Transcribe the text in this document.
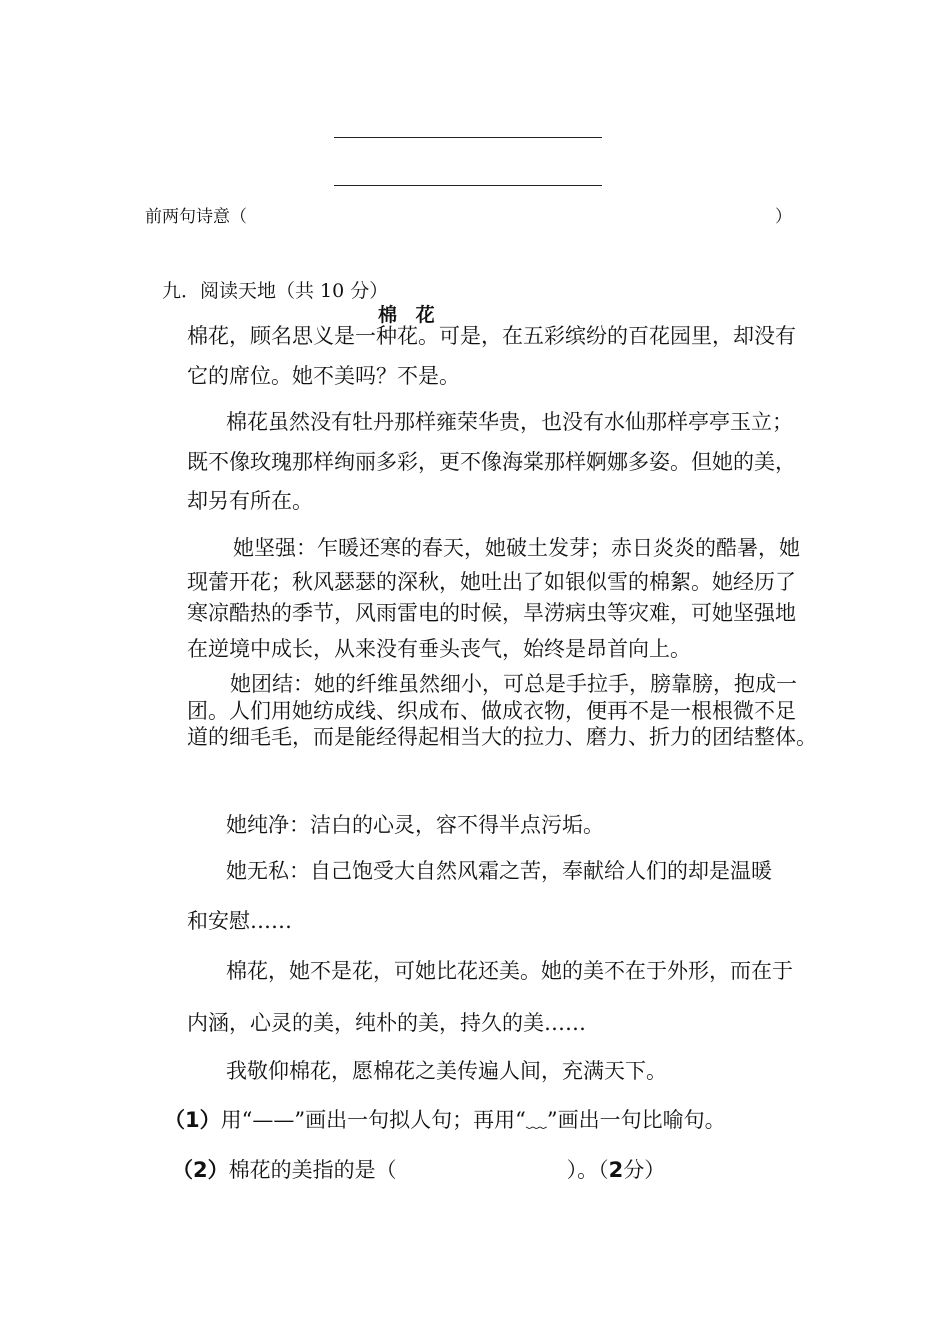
前两句诗意（	）
九．阅读天地（共 10 分）
棉 花
棉花，顾名思义是一种花。可是，在五彩缤纷的百花园里，却没有
它的席位。她不美吗？不是。
棉花虽然没有牡丹那样雍荣华贵，也没有水仙那样亭亭玉立；
既不像玫瑰那样绚丽多彩，更不像海棠那样婀娜多姿。但她的美，
却另有所在。
她坚强：乍暖还寒的春天，她破土发芽；赤日炎炎的酷暑，她
现蕾开花；秋风瑟瑟的深秋，她吐出了如银似雪的棉絮。她经历了
寒凉酷热的季节，风雨雷电的时候，旱涝病虫等灾难，可她坚强地
在逆境中成长，从来没有垂头丧气，始终是昂首向上。
她团结：她的纤维虽然细小，可总是手拉手，膀靠膀，抱成一
团。人们用她纺成线、织成布、做成衣物，便再不是一根根微不足
道的细毛毛，而是能经得起相当大的拉力、磨力、折力的团结整体。
她纯净：洁白的心灵，容不得半点污垢。
她无私：自己饱受大自然风霜之苦，奉献给人们的却是温暖
和安慰……
棉花，她不是花，可她比花还美。她的美不在于外形，而在于
内涵，心灵的美，纯朴的美，持久的美……
我敬仰棉花，愿棉花之美传遍人间，充满天下。
（1）用“——”画出一句拟人句；再用“﹏”画出一句比喻句。
（2）棉花的美指的是（	）。（2分）
